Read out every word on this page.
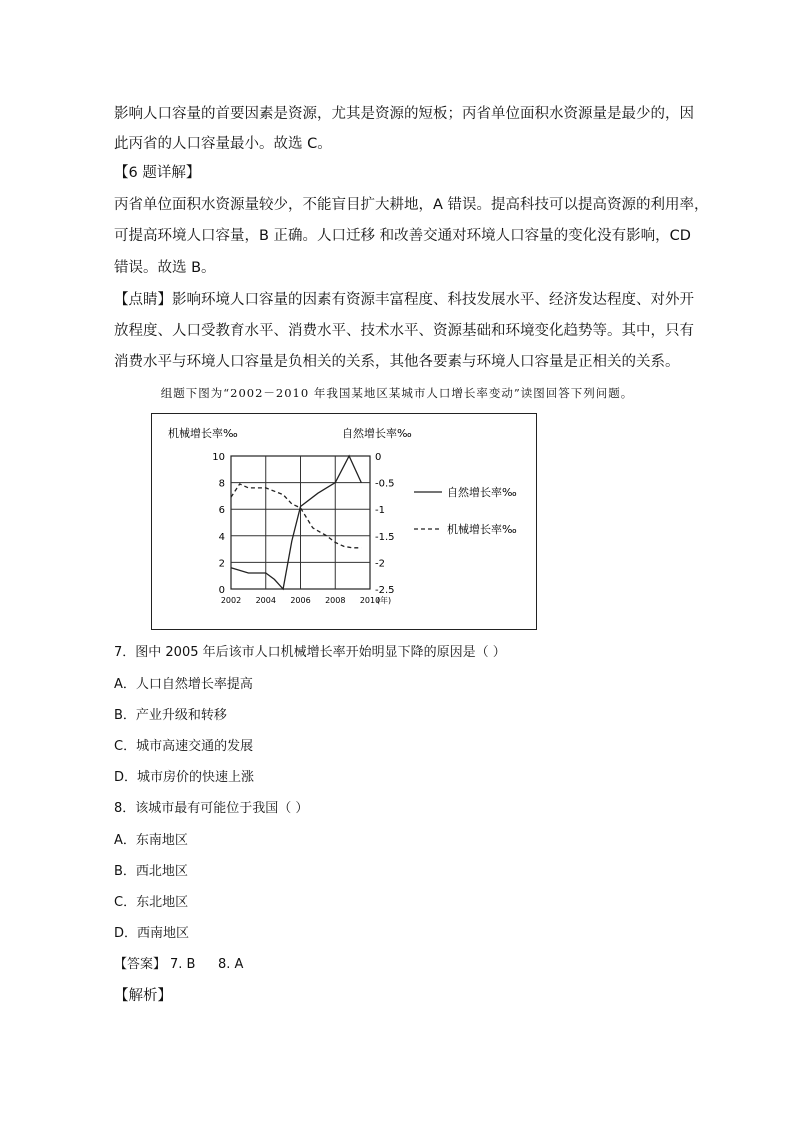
影响人口容量的首要因素是资源，尤其是资源的短板；丙省单位面积水资源量是最少的，因
此丙省的人口容量最小。故选 C。
【6 题详解】
丙省单位面积水资源量较少，不能盲目扩大耕地，A 错误。提高科技可以提高资源的利用率，
可提高环境人口容量，B 正确。人口迁移 和改善交通对环境人口容量的变化没有影响，CD
错误。故选 B。
【点睛】影响环境人口容量的因素有资源丰富程度、科技发展水平、经济发达程度、对外开
放程度、人口受教育水平、消费水平、技术水平、资源基础和环境变化趋势等。其中，只有
消费水平与环境人口容量是负相关的关系，其他各要素与环境人口容量是正相关的关系。
组题下图为“2002－2010 年我国某地区某城市人口增长率变动”读图回答下列问题。
机械增长率‰	自然增长率‰
10
8
6
4
2
0
0
-0.5
-1
-1.5
-2
-2.5
2002 2004 2006 2008 2010
(年)
自然增长率‰
机械增长率‰
7．图中 2005 年后该市人口机械增长率开始明显下降的原因是（ ）
A．人口自然增长率提高
B．产业升级和转移
C．城市高速交通的发展
D．城市房价的快速上涨
8．该城市最有可能位于我国（ ）
A．东南地区
B．西北地区
C．东北地区
D．西南地区
【答案】 7. B 8. A
【解析】
